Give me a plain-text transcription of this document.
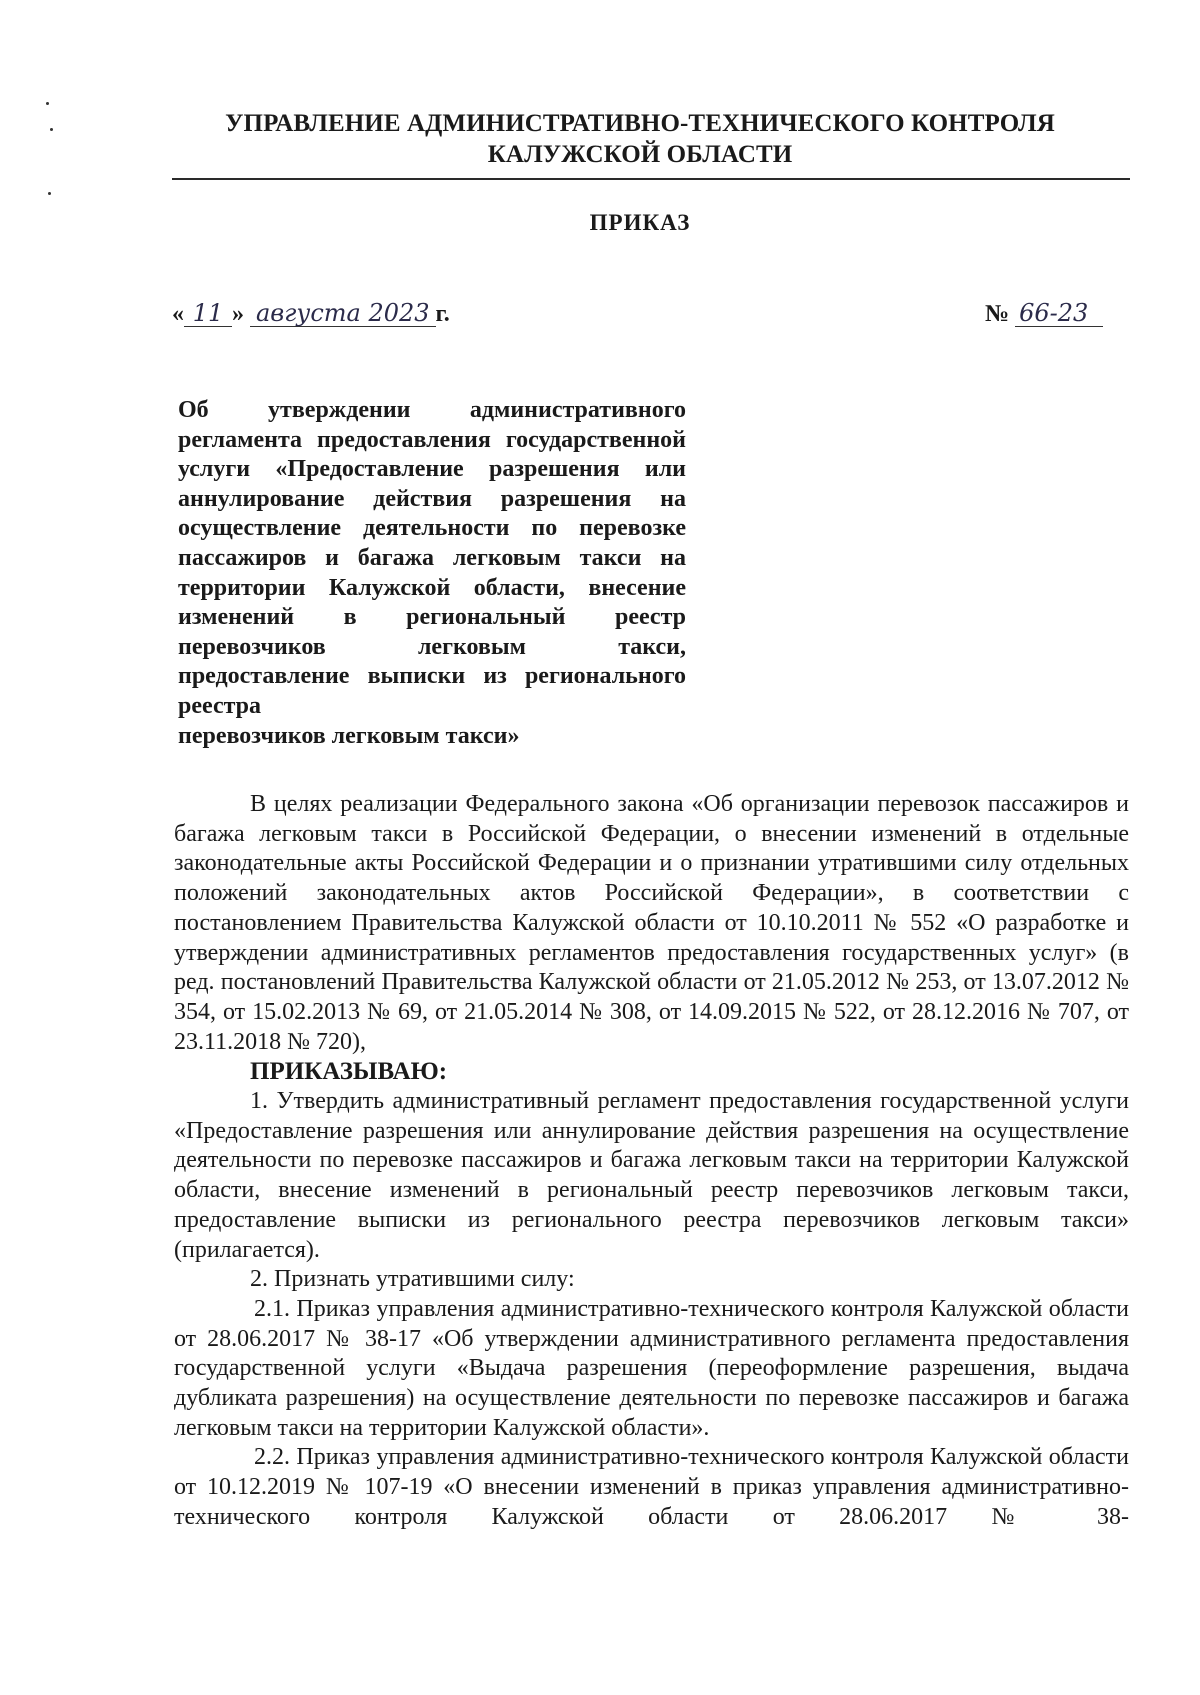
УПРАВЛЕНИЕ АДМИНИСТРАТИВНО-ТЕХНИЧЕСКОГО КОНТРОЛЯ
КАЛУЖСКОЙ ОБЛАСТИ
ПРИКАЗ
« 11 » августа 2023 г.	№ 66-23
Об утверждении административного регламента предоставления государственной услуги «Предоставление разрешения или аннулирование действия разрешения на осуществление деятельности по перевозке пассажиров и багажа легковым такси на территории Калужской области, внесение изменений в региональный реестр перевозчиков легковым такси, предоставление выписки из регионального реестра
перевозчиков легковым такси»

В целях реализации Федерального закона «Об организации перевозок пассажиров и багажа легковым такси в Российской Федерации, о внесении изменений в отдельные законодательные акты Российской Федерации и о признании утратившими силу отдельных положений законодательных актов Российской Федерации», в соответствии с постановлением Правительства Калужской области от 10.10.2011 № 552 «О разработке и утверждении административных регламентов предоставления государственных услуг» (в ред. постановлений Правительства Калужской области от 21.05.2012 № 253, от 13.07.2012 № 354, от 15.02.2013 № 69, от 21.05.2014 № 308, от 14.09.2015 № 522, от 28.12.2016 № 707, от 23.11.2018 № 720),

ПРИКАЗЫВАЮ:

1. Утвердить административный регламент предоставления государственной услуги «Предоставление разрешения или аннулирование действия разрешения на осуществление деятельности по перевозке пассажиров и багажа легковым такси на территории Калужской области, внесение изменений в региональный реестр перевозчиков легковым такси, предоставление выписки из регионального реестра перевозчиков легковым такси» (прилагается).

2. Признать утратившими силу:

2.1. Приказ управления административно-технического контроля Калужской области от 28.06.2017 № 38-17 «Об утверждении административного регламента предоставления государственной услуги «Выдача разрешения (переоформление разрешения, выдача дубликата разрешения) на осуществление деятельности по перевозке пассажиров и багажа легковым такси на территории Калужской области».

2.2. Приказ управления административно-технического контроля Калужской области от 10.12.2019 № 107-19 «О внесении изменений в приказ управления административно-технического контроля Калужской области от 28.06.2017 № 38-
